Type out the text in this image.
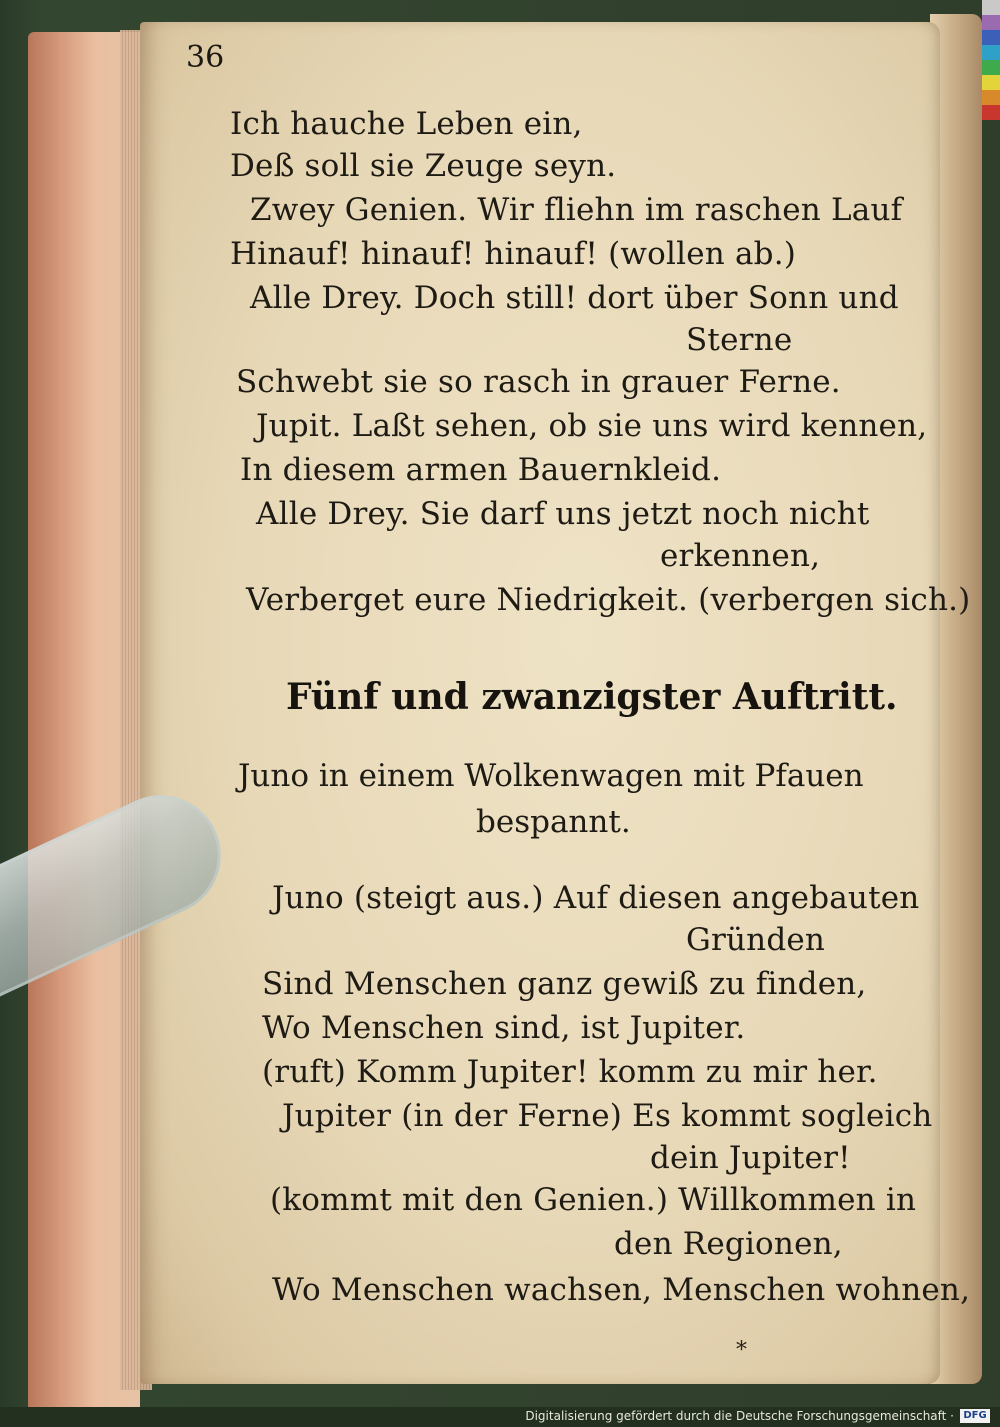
36
Ich hauche Leben ein,
Deß soll sie Zeuge seyn.
Zwey Genien. Wir fliehn im raschen Lauf
Hinauf! hinauf! hinauf! (wollen ab.)
Alle Drey. Doch still! dort über Sonn und
Sterne
Schwebt sie so rasch in grauer Ferne.
Jupit. Laßt sehen, ob sie uns wird kennen,
In diesem armen Bauernkleid.
Alle Drey. Sie darf uns jetzt noch nicht
erkennen,
Verberget eure Niedrigkeit. (verbergen sich.)
Fünf und zwanzigster Auftritt.
Juno in einem Wolkenwagen mit Pfauen
bespannt.
Juno (steigt aus.) Auf diesen angebauten
Gründen
Sind Menschen ganz gewiß zu finden,
Wo Menschen sind, ist Jupiter.
(ruft) Komm Jupiter! komm zu mir her.
Jupiter (in der Ferne) Es kommt sogleich
dein Jupiter!
(kommt mit den Genien.) Willkommen in
den Regionen,
Wo Menschen wachsen, Menschen wohnen,
*
Digitalisierung gefördert durch die Deutsche Forschungsgemeinschaft · DFG
